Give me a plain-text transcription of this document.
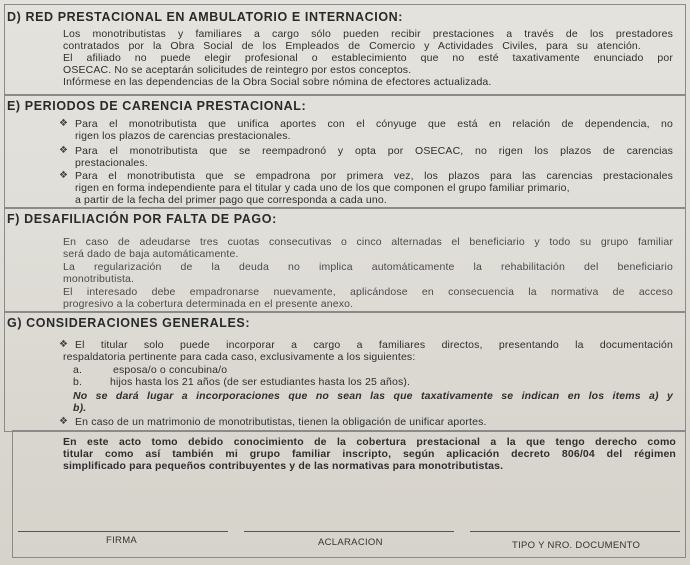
D) RED PRESTACIONAL EN AMBULATORIO E INTERNACION:
Los monotributistas y familiares a cargo sólo pueden recibir prestaciones a través de los prestadores
contratados por la Obra Social de los Empleados de Comercio y Actividades Civiles, para su atención.
El afiliado no puede elegir profesional o establecimiento que no esté taxativamente enunciado por
OSECAC. No se aceptarán solicitudes de reintegro por estos conceptos.
Infórmese en las dependencias de la Obra Social sobre nómina de efectores actualizada.
E) PERIODOS DE CARENCIA PRESTACIONAL:
❖ Para el monotributista que unifica aportes con el cónyuge que está en relación de dependencia, no
rigen los plazos de carencias prestacionales.
❖ Para el monotributista que se reempadronó y opta por OSECAC, no rigen los plazos de carencias
prestacionales.
❖ Para el monotributista que se empadrona por primera vez, los plazos para las carencias prestacionales
rigen en forma independiente para el titular y cada uno de los que componen el grupo familiar primario,
a partir de la fecha del primer pago que corresponda a cada uno.
F) DESAFILIACIÓN POR FALTA DE PAGO:
En caso de adeudarse tres cuotas consecutivas o cinco alternadas el beneficiario y todo su grupo familiar
será dado de baja automáticamente.
La regularización de la deuda no implica automáticamente la rehabilitación del beneficiario
monotributista.
El interesado debe empadronarse nuevamente, aplicándose en consecuencia la normativa de acceso
progresivo a la cobertura determinada en el presente anexo.
G) CONSIDERACIONES GENERALES:
❖ El titular solo puede incorporar a cargo a familiares directos, presentando la documentación
respaldatoria pertinente para cada caso, exclusivamente a los siguientes:
a.	esposa/o o concubina/o
b.	hijos hasta los 21 años (de ser estudiantes hasta los 25 años).
No se dará lugar a incorporaciones que no sean las que taxativamente se indican en los items a) y
b).
❖ En caso de un matrimonio de monotributistas, tienen la obligación de unificar aportes.
En este acto tomo debido conocimiento de la cobertura prestacional a la que tengo derecho como
titular como así también mi grupo familiar inscripto, según aplicación decreto 806/04 del régimen
simplificado para pequeños contribuyentes y de las normativas para monotributistas.
FIRMA	ACLARACION	TIPO Y NRO. DOCUMENTO
